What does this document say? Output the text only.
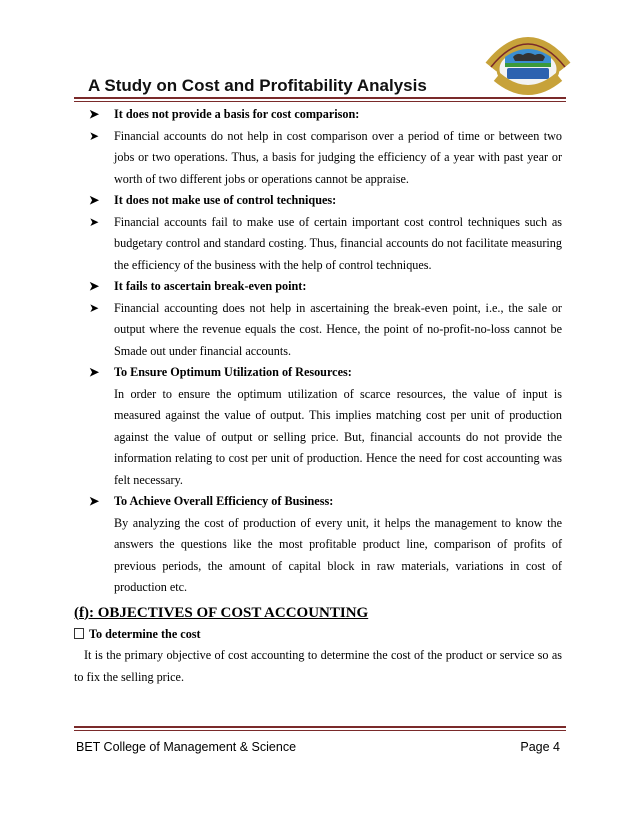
A Study on Cost and Profitability Analysis
➤ It does not provide a basis for cost comparison:
➤ Financial accounts do not help in cost comparison over a period of time or between two jobs or two operations. Thus, a basis for judging the efficiency of a year with past year or worth of two different jobs or operations cannot be appraise.
➤ It does not make use of control techniques:
➤ Financial accounts fail to make use of certain important cost control techniques such as budgetary control and standard costing. Thus, financial accounts do not facilitate measuring the efficiency of the business with the help of control techniques.
➤ It fails to ascertain break-even point:
➤ Financial accounting does not help in ascertaining the break-even point, i.e., the sale or output where the revenue equals the cost. Hence, the point of no-profit-no-loss cannot be Smade out under financial accounts.
➤ To Ensure Optimum Utilization of Resources:
In order to ensure the optimum utilization of scarce resources, the value of input is measured against the value of output. This implies matching cost per unit of production against the value of output or selling price. But, financial accounts do not provide the information relating to cost per unit of production. Hence the need for cost accounting was felt necessary.
➤ To Achieve Overall Efficiency of Business:
By analyzing the cost of production of every unit, it helps the management to know the answers the questions like the most profitable product line, comparison of profits of previous periods, the amount of capital block in raw materials, variations in cost of production etc.
(f): OBJECTIVES OF COST ACCOUNTING
To determine the cost
It is the primary objective of cost accounting to determine the cost of the product or service so as to fix the selling price.
BET College of Management & Science	Page 4
